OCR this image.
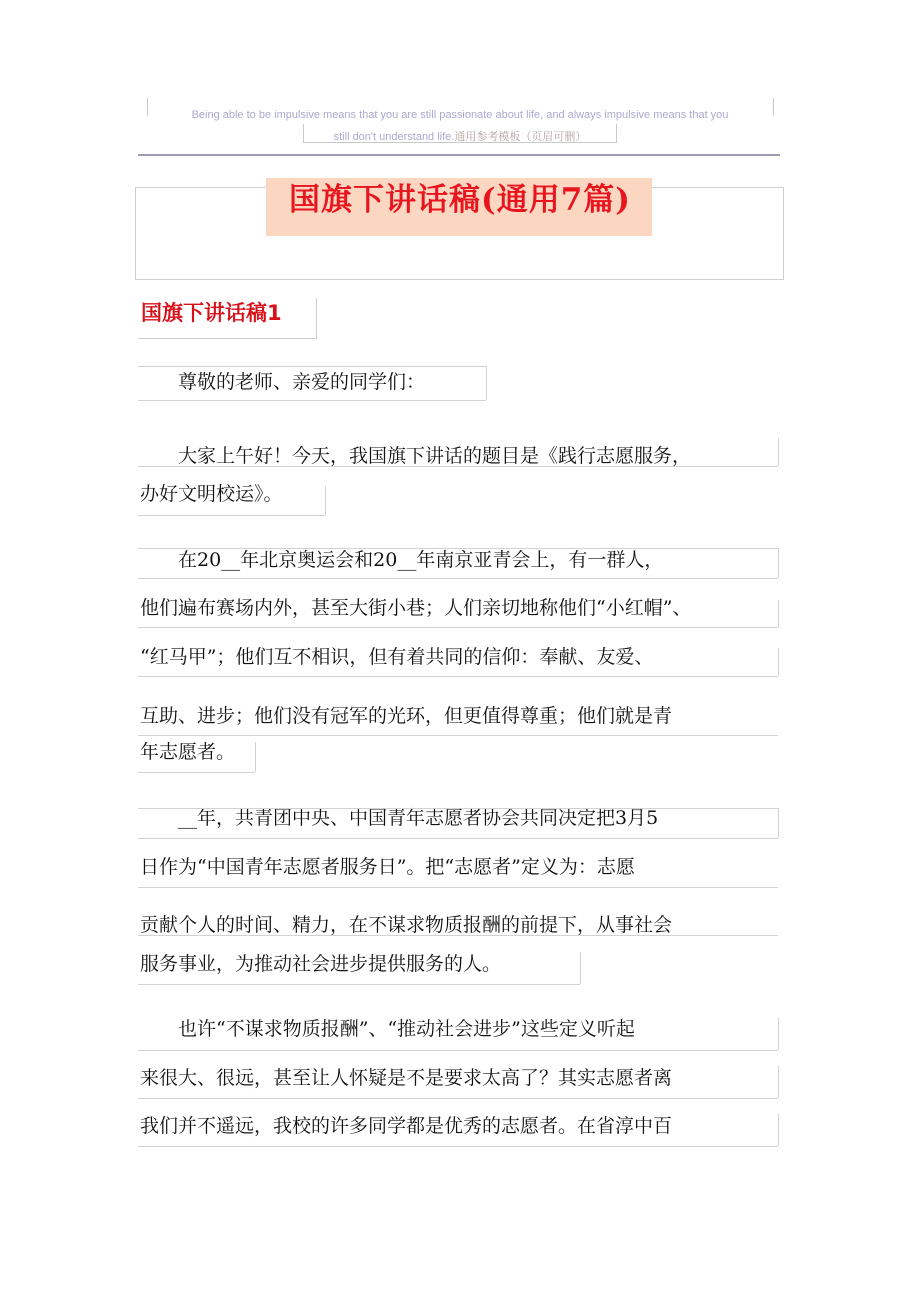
Being able to be impulsive means that you are still passionate about life, and always impulsive means that you
still don't understand life.通用参考模板（页眉可删）
国旗下讲话稿(通用7篇)
国旗下讲话稿1
　　尊敬的老师、亲爱的同学们：
　　大家上午好！今天，我国旗下讲话的题目是《践行志愿服务，
办好文明校运》。
　　在20__年北京奥运会和20__年南京亚青会上，有一群人，
他们遍布赛场内外，甚至大街小巷；人们亲切地称他们“小红帽”、
“红马甲”；他们互不相识，但有着共同的信仰：奉献、友爱、
互助、进步；他们没有冠军的光环，但更值得尊重；他们就是青
年志愿者。
　　__年，共青团中央、中国青年志愿者协会共同决定把3月5
日作为“中国青年志愿者服务日”。把“志愿者”定义为：志愿
贡献个人的时间、精力，在不谋求物质报酬的前提下，从事社会
服务事业，为推动社会进步提供服务的人。
　　也许“不谋求物质报酬”、“推动社会进步”这些定义听起
来很大、很远，甚至让人怀疑是不是要求太高了？其实志愿者离
我们并不遥远，我校的许多同学都是优秀的志愿者。在省淳中百
